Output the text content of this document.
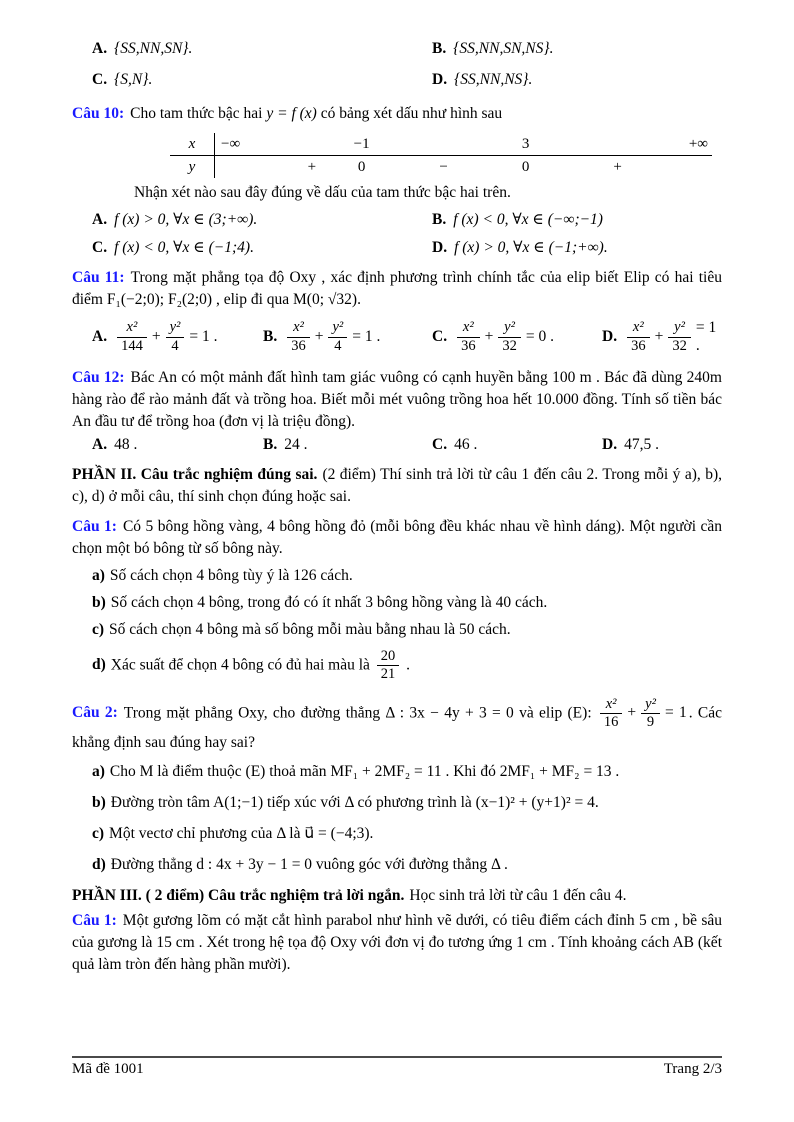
A. {SS,NN,SN}.	B. {SS,NN,SN,NS}.
C. {S,N}.	D. {SS,NN,NS}.

Câu 10: Cho tam thức bậc hai y = f (x) có bảng xét dấu như hình sau

x	−∞	−1	3	+∞
y	+	0	−	0	+

Nhận xét nào sau đây đúng về dấu của tam thức bậc hai trên.

A. f (x) > 0, ∀x ∈ (3;+∞).	B. f (x) < 0, ∀x ∈ (−∞;−1)
C. f (x) < 0, ∀x ∈ (−1;4).	D. f (x) > 0, ∀x ∈ (−1;+∞).

Câu 11: Trong mặt phẳng tọa độ Oxy , xác định phương trình chính tắc của elip biết Elip có hai tiêu điểm F₁(−2;0); F₂(2;0) , elip đi qua M(0; √32).

A. $\frac{\text{x²}}{144} + \frac{\text{y²}}{4} = 1$ .	B. $\frac{\text{x²}}{36} + \frac{\text{y²}}{4} = 1$ .	C. $\frac{\text{x²}}{36} + \frac{\text{y²}}{32} = 0$ .	D. $\frac{\text{x²}}{36} + \frac{\text{y²}}{32} = 1$ .

Câu 12: Bác An có một mảnh đất hình tam giác vuông có cạnh huyền bằng 100 m . Bác đã dùng 240m hàng rào để rào mảnh đất và trồng hoa. Biết mỗi mét vuông trồng hoa hết 10.000 đồng. Tính số tiền bác An đầu tư để trồng hoa (đơn vị là triệu đồng).

A. 48 .	B. 24 .	C. 46 .	D. 47,5 .

PHẦN II. Câu trắc nghiệm đúng sai. (2 điểm) Thí sinh trả lời từ câu 1 đến câu 2. Trong mỗi ý a), b), c), d) ở mỗi câu, thí sinh chọn đúng hoặc sai.

Câu 1: Có 5 bông hồng vàng, 4 bông hồng đỏ (mỗi bông đều khác nhau về hình dáng). Một người cần chọn một bó bông từ số bông này.

a) Số cách chọn 4 bông tùy ý là 126 cách.

b) Số cách chọn 4 bông, trong đó có ít nhất 3 bông hồng vàng là 40 cách.

c) Số cách chọn 4 bông mà số bông mỗi màu bằng nhau là 50 cách.

d) Xác suất để chọn 4 bông có đủ hai màu là $\frac{20}{21}$ .

Câu 2: Trong mặt phẳng Oxy, cho đường thẳng Δ : 3x − 4y + 3 = 0 và elip (E): $\frac{\text{x²}}{16} + \frac{\text{y²}}{9} = 1$ . Các khẳng định sau đúng hay sai?

a) Cho M là điểm thuộc (E) thoả mãn MF₁ + 2MF₂ = 11 . Khi đó 2MF₁ + MF₂ = 13 .

b) Đường tròn tâm A(1;−1) tiếp xúc với Δ có phương trình là (x−1)² + (y+1)² = 4.

c) Một vectơ chỉ phương của Δ là u⃗ = (−4;3).

d) Đường thẳng d : 4x + 3y − 1 = 0 vuông góc với đường thẳng Δ .

PHẦN III. ( 2 điểm) Câu trắc nghiệm trả lời ngắn. Học sinh trả lời từ câu 1 đến câu 4.

Câu 1: Một gương lõm có mặt cắt hình parabol như hình vẽ dưới, có tiêu điểm cách đỉnh 5 cm , bề sâu của gương là 15 cm . Xét trong hệ tọa độ Oxy với đơn vị đo tương ứng 1 cm . Tính khoảng cách AB (kết quả làm tròn đến hàng phần mười).

Mã đề 1001	Trang 2/3
